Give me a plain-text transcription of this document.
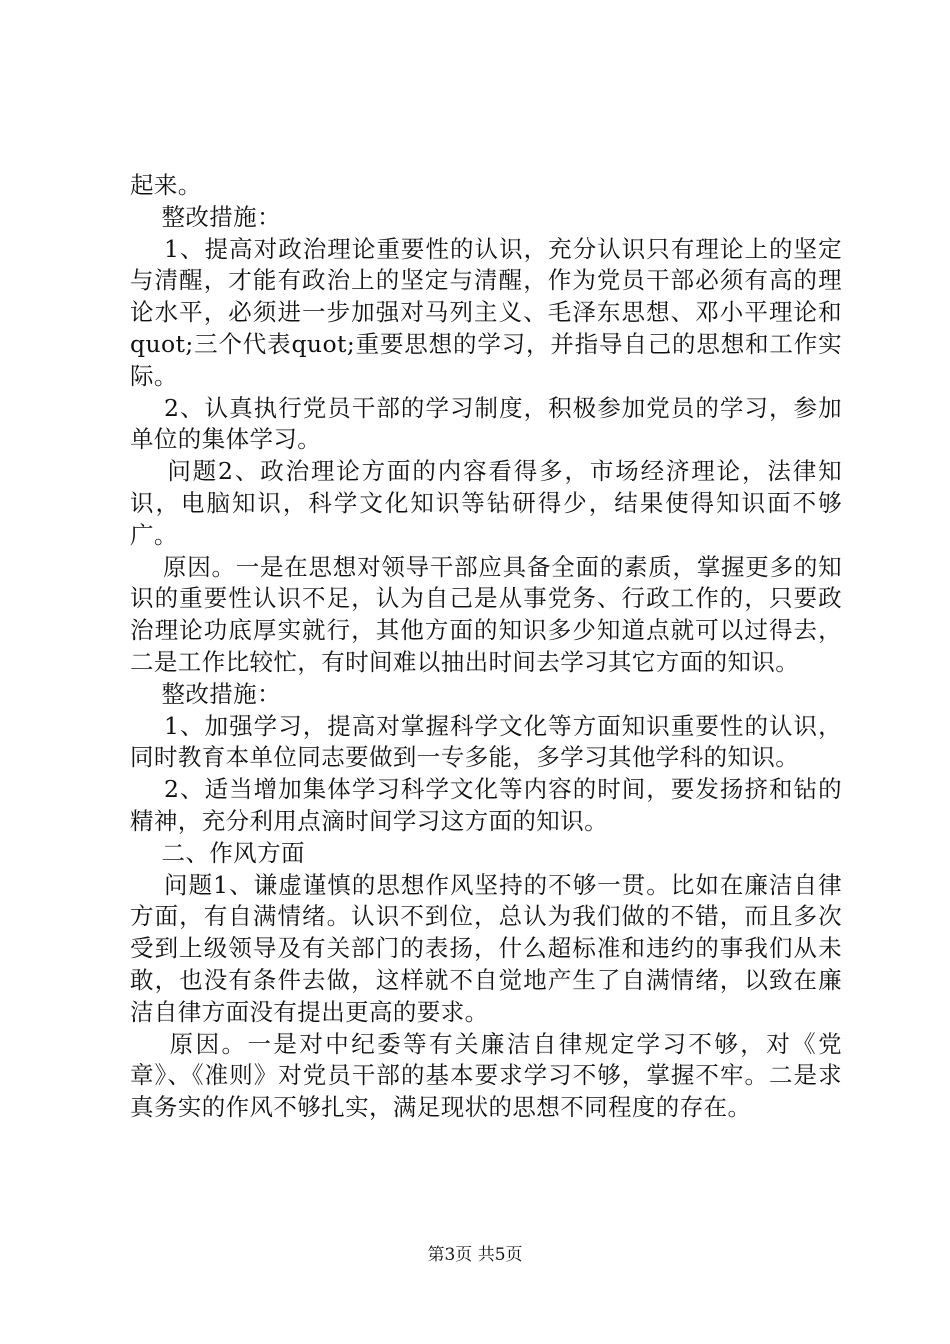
起来。

整改措施：

1、提高对政治理论重要性的认识，充分认识只有理论上的坚定与清醒，才能有政治上的坚定与清醒，作为党员干部必须有高的理论水平，必须进一步加强对马列主义、毛泽东思想、邓小平理论和quot;三个代表quot;重要思想的学习，并指导自己的思想和工作实际。

2、认真执行党员干部的学习制度，积极参加党员的学习，参加单位的集体学习。

问题2、政治理论方面的内容看得多，市场经济理论，法律知识，电脑知识，科学文化知识等钻研得少，结果使得知识面不够广。

原因。一是在思想对领导干部应具备全面的素质，掌握更多的知识的重要性认识不足，认为自己是从事党务、行政工作的，只要政治理论功底厚实就行，其他方面的知识多少知道点就可以过得去，二是工作比较忙，有时间难以抽出时间去学习其它方面的知识。

整改措施：

1、加强学习，提高对掌握科学文化等方面知识重要性的认识，同时教育本单位同志要做到一专多能，多学习其他学科的知识。

2、适当增加集体学习科学文化等内容的时间，要发扬挤和钻的精神，充分利用点滴时间学习这方面的知识。

二、作风方面

问题1、谦虚谨慎的思想作风坚持的不够一贯。比如在廉洁自律方面，有自满情绪。认识不到位，总认为我们做的不错，而且多次受到上级领导及有关部门的表扬，什么超标准和违约的事我们从未敢，也没有条件去做，这样就不自觉地产生了自满情绪，以致在廉洁自律方面没有提出更高的要求。

原因。一是对中纪委等有关廉洁自律规定学习不够，对《党章》、《准则》对党员干部的基本要求学习不够，掌握不牢。二是求真务实的作风不够扎实，满足现状的思想不同程度的存在。

第3页 共5页
